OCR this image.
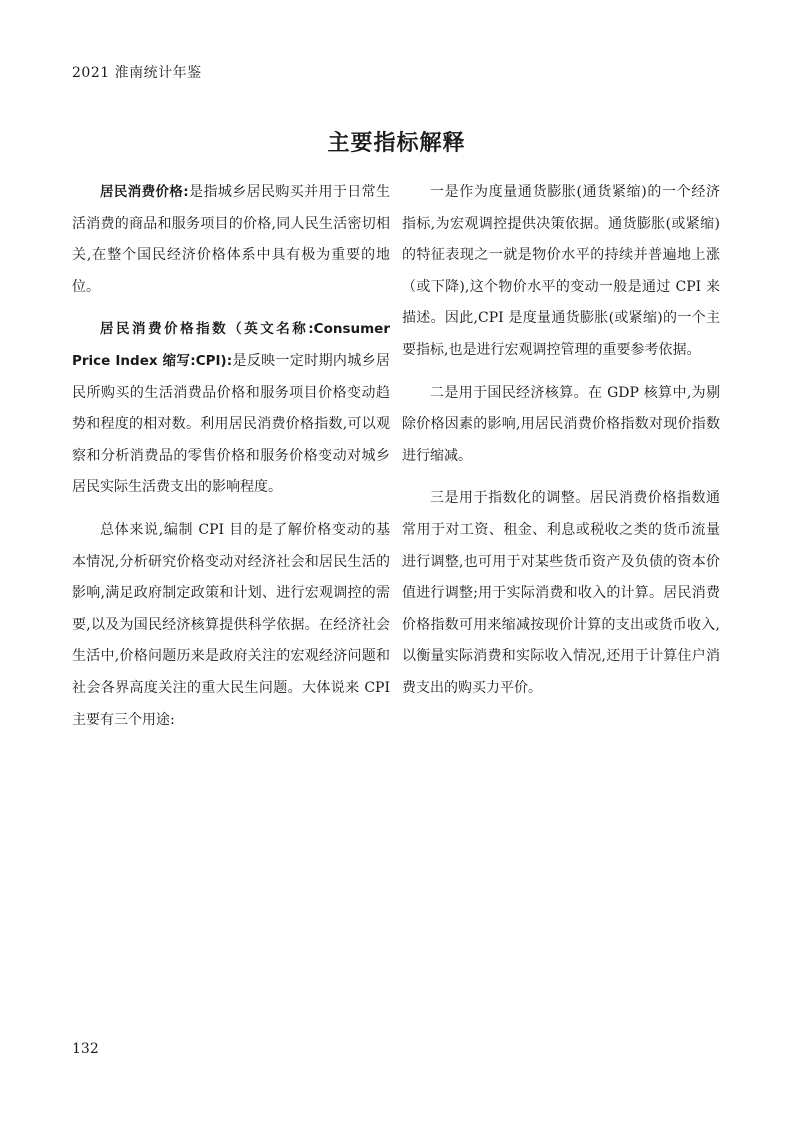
2021 淮南统计年鉴
主要指标解释

居民消费价格:是指城乡居民购买并用于日常生活消费的商品和服务项目的价格,同人民生活密切相关,在整个国民经济价格体系中具有极为重要的地位。

居民消费价格指数（英文名称:Consumer Price Index 缩写:CPI):是反映一定时期内城乡居民所购买的生活消费品价格和服务项目价格变动趋势和程度的相对数。利用居民消费价格指数,可以观察和分析消费品的零售价格和服务价格变动对城乡居民实际生活费支出的影响程度。

总体来说,编制 CPI 目的是了解价格变动的基本情况,分析研究价格变动对经济社会和居民生活的影响,满足政府制定政策和计划、进行宏观调控的需要,以及为国民经济核算提供科学依据。在经济社会生活中,价格问题历来是政府关注的宏观经济问题和社会各界高度关注的重大民生问题。大体说来 CPI 主要有三个用途:

一是作为度量通货膨胀(通货紧缩)的一个经济指标,为宏观调控提供决策依据。通货膨胀(或紧缩)的特征表现之一就是物价水平的持续并普遍地上涨（或下降),这个物价水平的变动一般是通过 CPI 来描述。因此,CPI 是度量通货膨胀(或紧缩)的一个主要指标,也是进行宏观调控管理的重要参考依据。

二是用于国民经济核算。在 GDP 核算中,为剔除价格因素的影响,用居民消费价格指数对现价指数进行缩减。

三是用于指数化的调整。居民消费价格指数通常用于对工资、租金、利息或税收之类的货币流量进行调整,也可用于对某些货币资产及负债的资本价值进行调整;用于实际消费和收入的计算。居民消费价格指数可用来缩减按现价计算的支出或货币收入,以衡量实际消费和实际收入情况,还用于计算住户消费支出的购买力平价。

132
